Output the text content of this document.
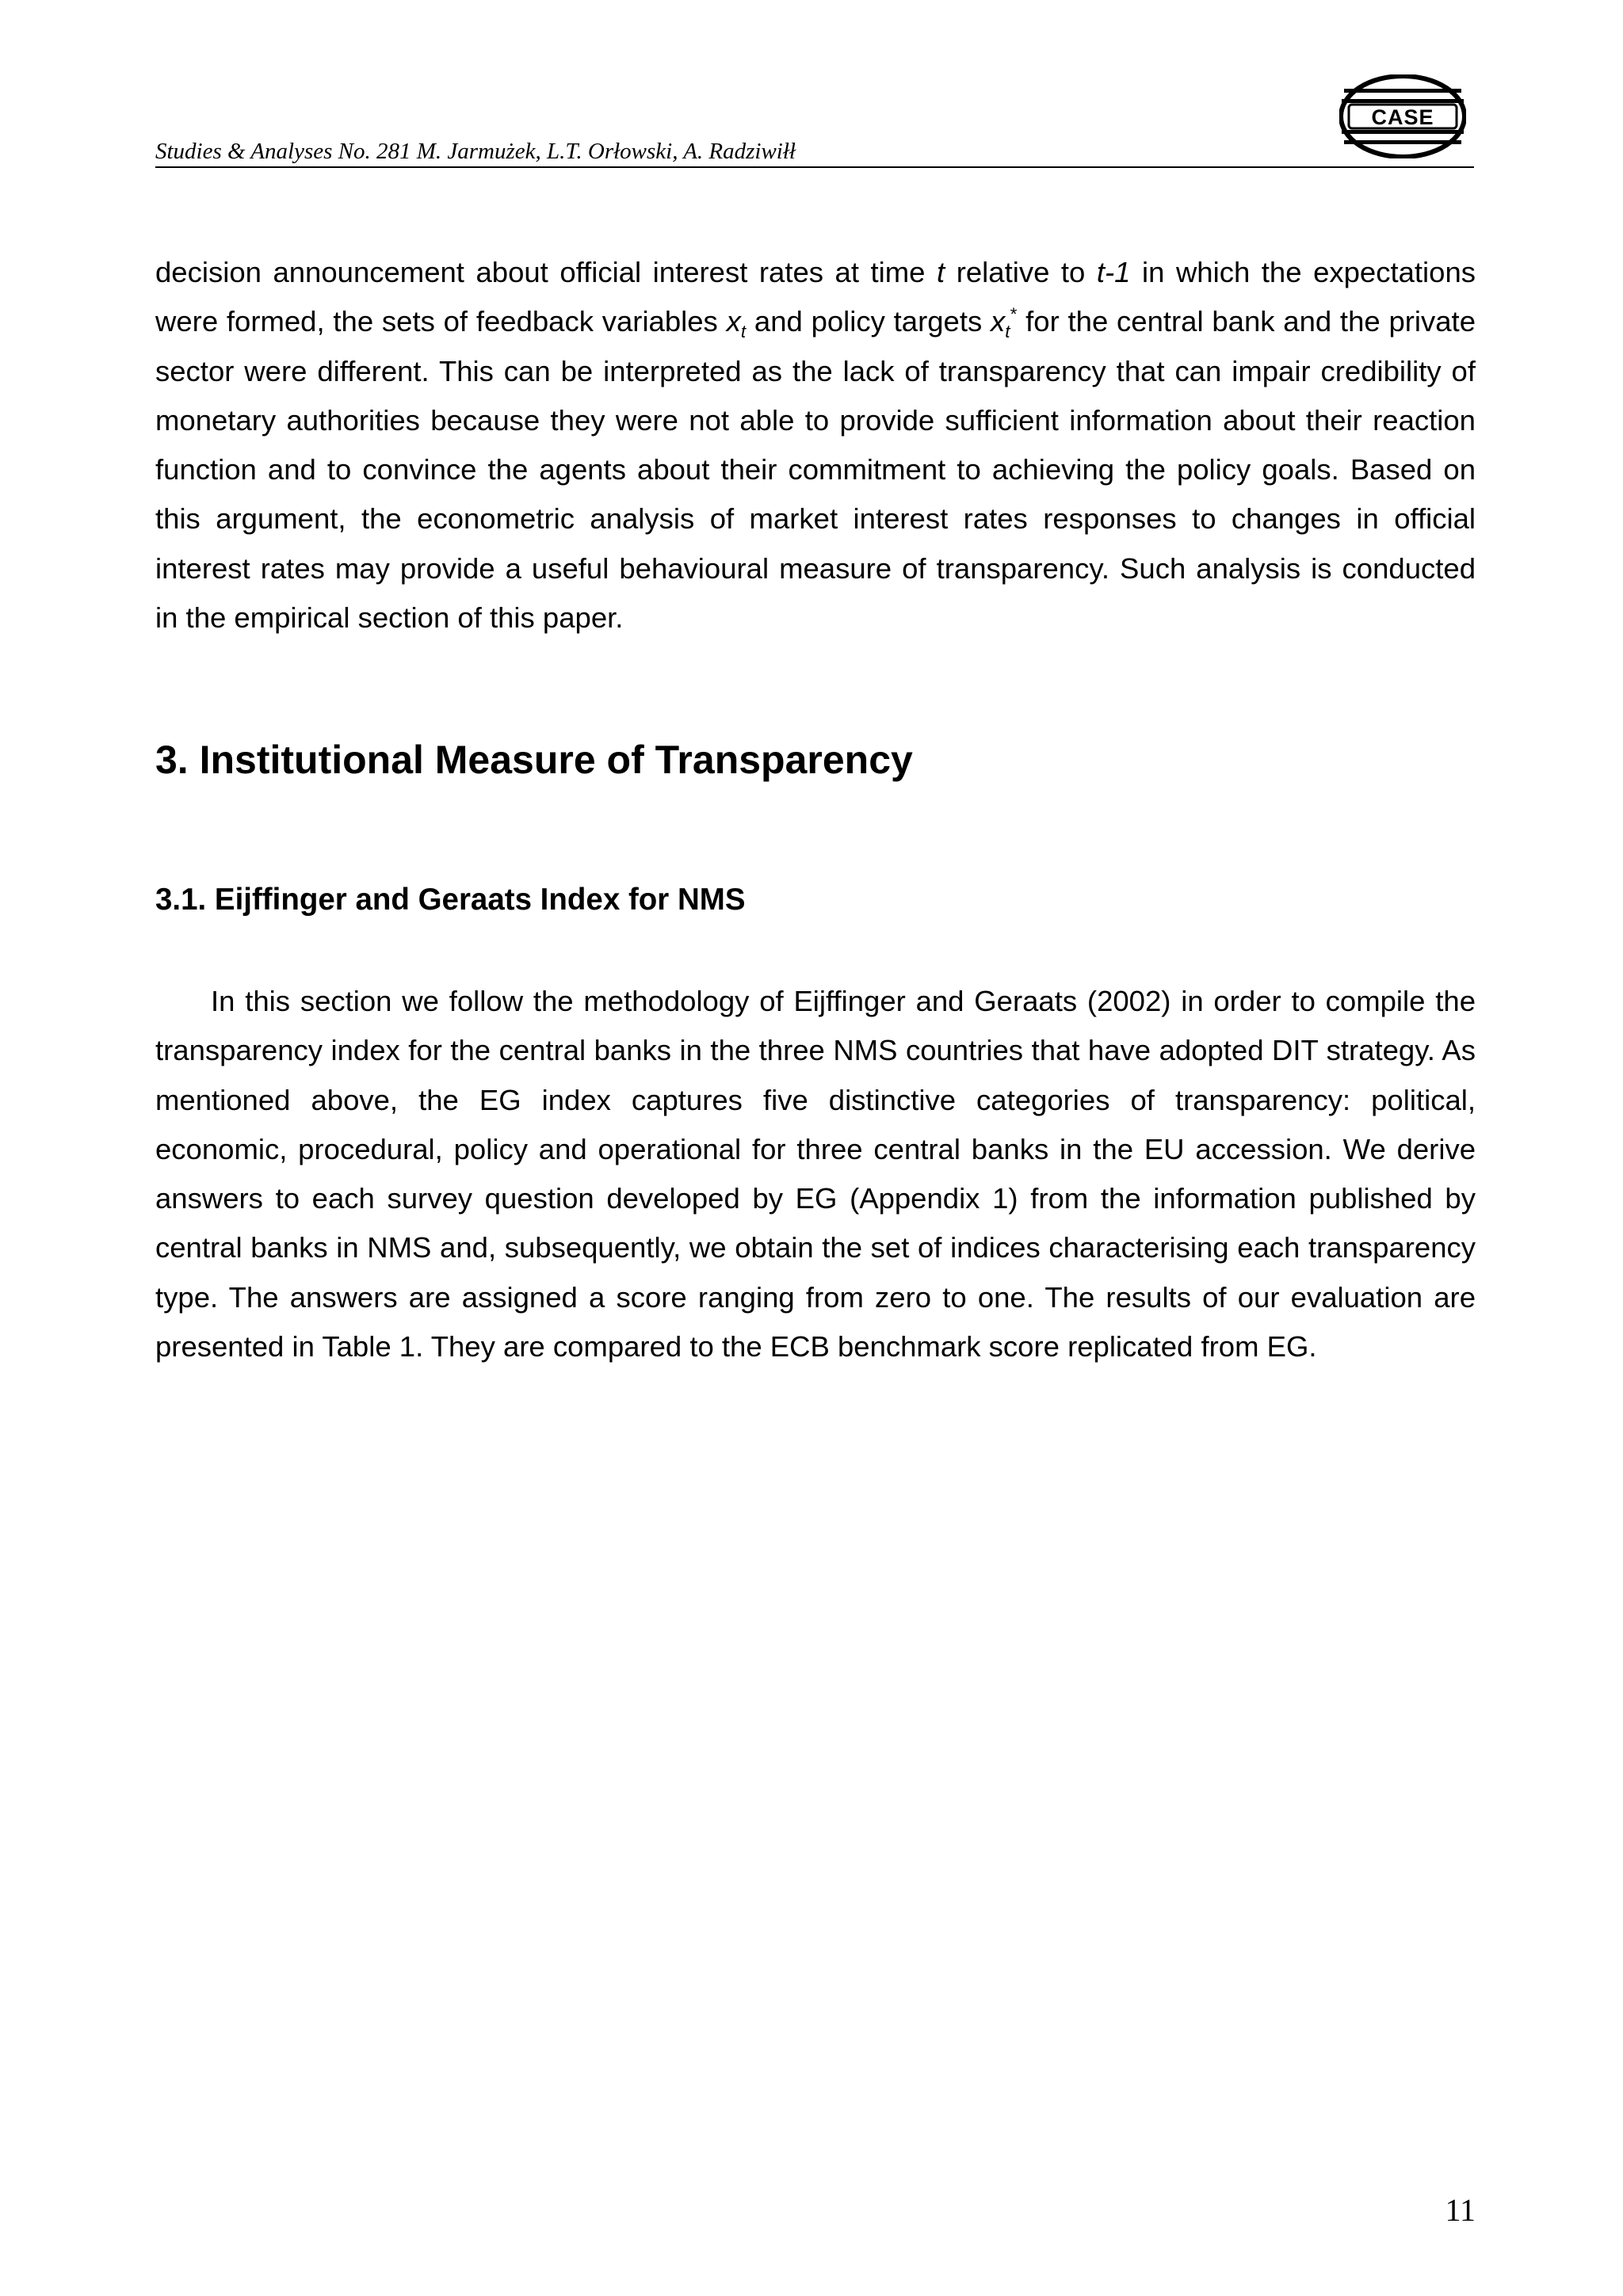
Studies & Analyses No. 281 M. Jarmużek, L.T. Orłowski, A. Radziwiłł
CASE

decision announcement about official interest rates at time t relative to t-1 in which the expectations were formed, the sets of feedback variables $x_t$ and policy targets $x_t^*$ for the central bank and the private sector were different. This can be interpreted as the lack of transparency that can impair credibility of monetary authorities because they were not able to provide sufficient information about their reaction function and to convince the agents about their commitment to achieving the policy goals. Based on this argument, the econometric analysis of market interest rates responses to changes in official interest rates may provide a useful behavioural measure of transparency. Such analysis is conducted in the empirical section of this paper.

3. Institutional Measure of Transparency
3.1. Eijffinger and Geraats Index for NMS

In this section we follow the methodology of Eijffinger and Geraats (2002) in order to compile the transparency index for the central banks in the three NMS countries that have adopted DIT strategy. As mentioned above, the EG index captures five distinctive categories of transparency: political, economic, procedural, policy and operational for three central banks in the EU accession. We derive answers to each survey question developed by EG (Appendix 1) from the information published by central banks in NMS and, subsequently, we obtain the set of indices characterising each transparency type. The answers are assigned a score ranging from zero to one. The results of our evaluation are presented in Table 1. They are compared to the ECB benchmark score replicated from EG.

11
